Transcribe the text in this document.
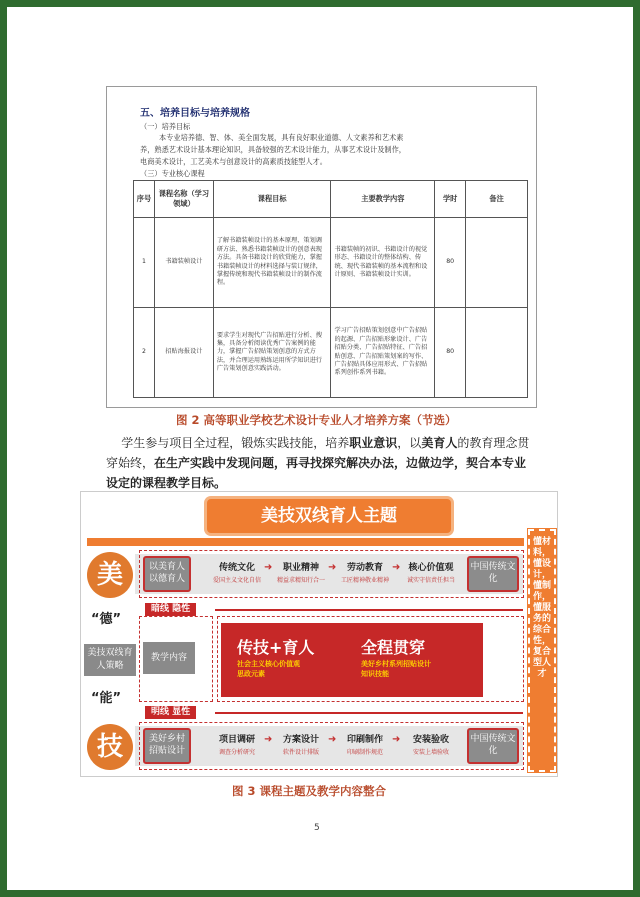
五、培养目标与培养规格
（一）培养目标
本专业培养德、智、体、美全面发展，具有良好职业道德、人文素养和艺术素
养，熟悉艺术设计基本理论知识，具备较强的艺术设计能力，从事艺术设计及制作，
电商美术设计，工艺美术与创意设计的高素质技能型人才。
（三）专业核心课程
序号	课程名称（学习领域）	课程目标	主要教学内容	学时	备注
1	书籍装帧设计	了解书籍装帧设计的基本原理、策划调研方法、熟悉书籍装帧设计的创意表现方法。具备书籍设计的欣赏能力，掌握书籍装帧设计的材料选择与装订规律，掌握传统和现代书籍装帧设计的制作流程。	书籍装帧的初识、书籍设计的视觉形态、书籍设计的整体结构、传统、现代书籍装帧的基本流程和设计原则、书籍装帧设计实训。	80	
2	招贴海报设计	要求学生对现代广告招贴进行分析、搜集，具备分析阅读优秀广告案例的能力，掌握广告招贴策划创意的方式方法，并合理运用熟练运用所学知识进行广告策划创意实践活动。	学习广告招贴策划创意中广告招贴的起源、广告招贴形象设计、广告招贴分类、广告招贴特征、广告招贴创意、广告招贴策划案的写作、广告招贴具体应用形式、广告招贴系列创作系列书籍。	80	
图 2 高等职业学校艺术设计专业人才培养方案（节选）
学生参与项目全过程，锻炼实践技能，培养职业意识，以美育人的教育理念贯穿始终，在生产实践中发现问题，再寻找探究解决办法，边做边学，契合本专业设定的课程教学目标。
美技双线育人主题
美
“德”
美技双线育人策略
“能”
技
以美育人以德育人
中国传统文化
传统文化
爱国主义文化自信
➜	职业精神
精益求精知行合一
➜	劳动教育
工匠精神敬业精神
➜ 核心价值观
诚实守信责任担当
暗线 隐性
教学内容
传技+育人
社会主义核心价值观
思政元素
全程贯穿
美好乡村系列招贴设计
知识技能
明线 显性
美好乡村招贴设计
中国传统文化
项目调研
调查分析研究
➜	方案设计
软件设计排版
➜	印刷制作
印刷制作规范
➜	安装验收
安装上墙验收
懂材料，懂设计，懂制作，懂服务的综合性，复合型人才
图 3 课程主题及教学内容整合
5
